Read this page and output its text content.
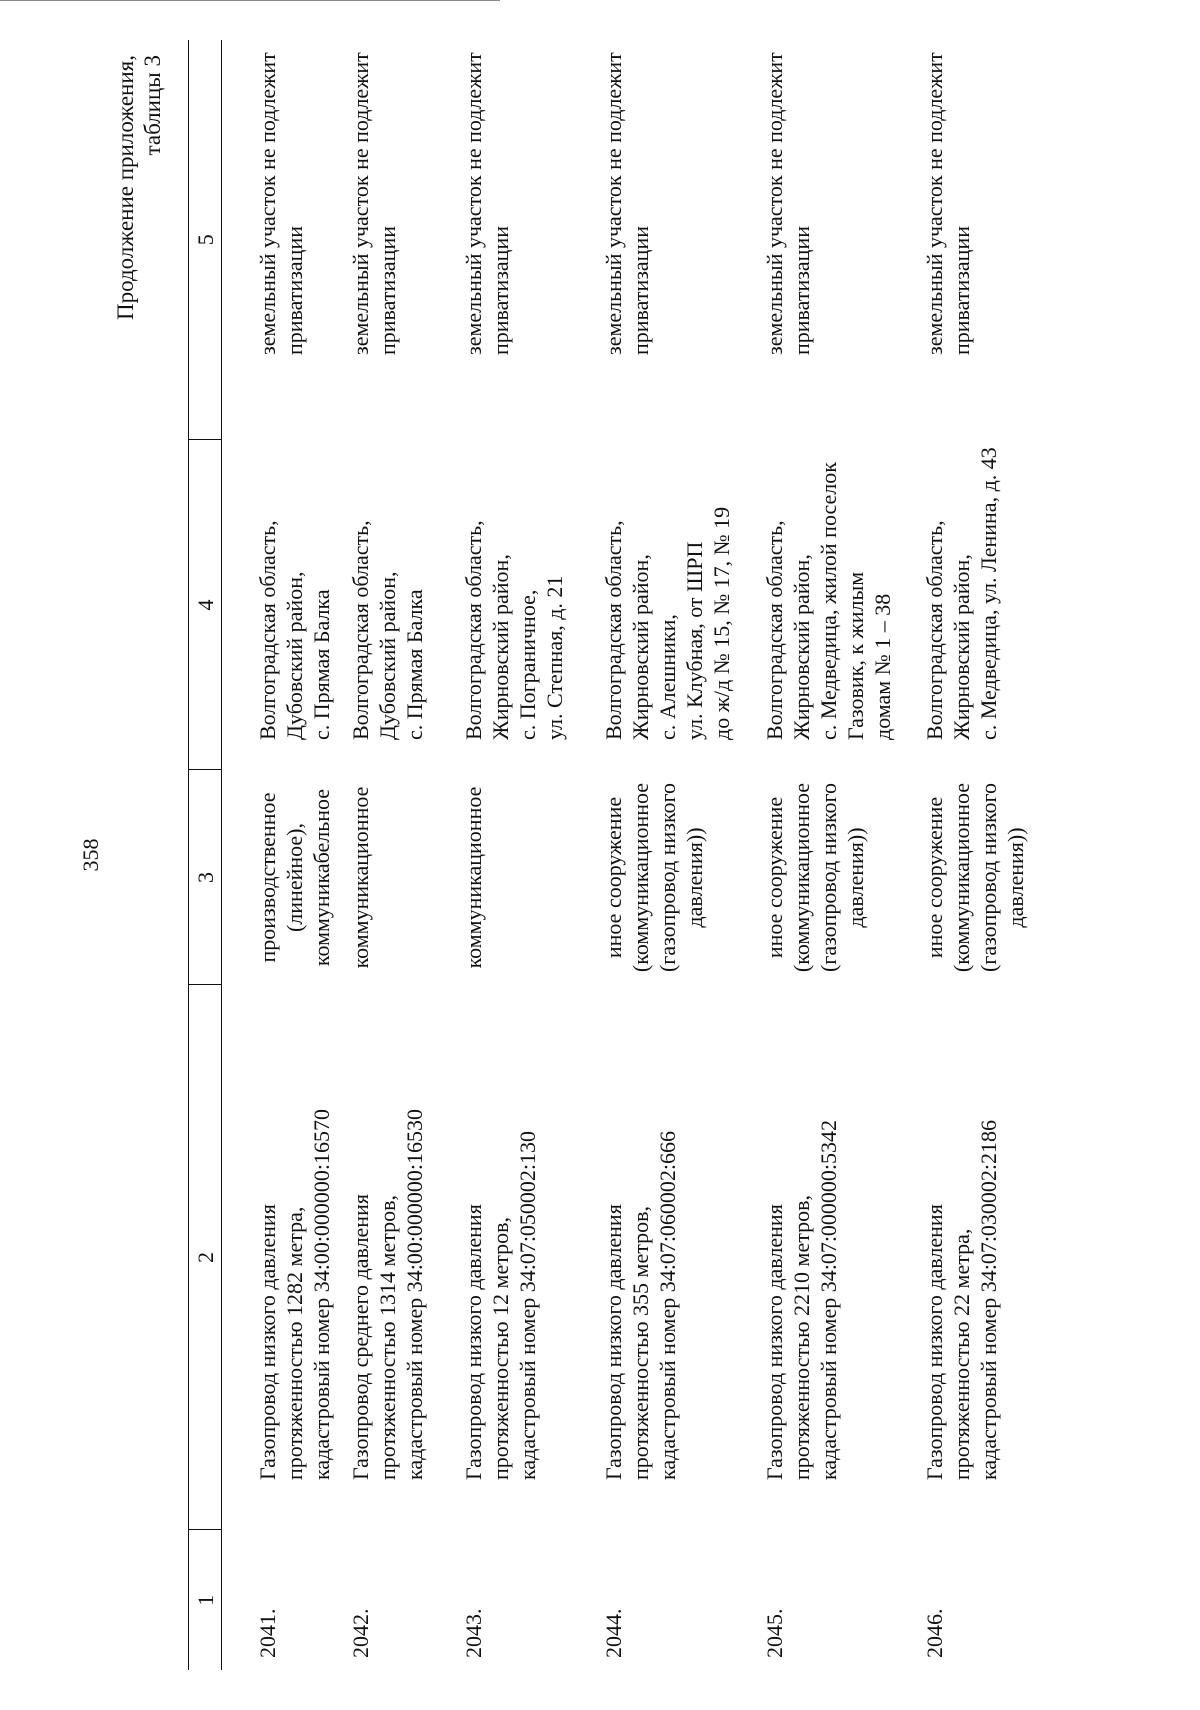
358
Продолжение приложения, таблицы 3
1	2	3	4	5
2041.	Газопровод низкого давления протяженностью 1282 метра, кадастровый номер 34:00:000000:16570	производственное (линейное), коммуникабельное	Волгоградская область, Дубовский район, с. Прямая Балка	земельный участок не подлежит приватизации

2042.	Газопровод среднего давления протяженностью 1314 метров, кадастровый номер 34:00:000000:16530	коммуникационное	Волгоградская область, Дубовский район, с. Прямая Балка	земельный участок не подлежит приватизации

2043.	Газопровод низкого давления протяженностью 12 метров, кадастровый номер 34:07:050002:130	коммуникационное	Волгоградская область, Жирновский район, с. Пограничное, ул. Степная, д. 21	земельный участок не подлежит приватизации

2044.	Газопровод низкого давления протяженностью 355 метров, кадастровый номер 34:07:060002:666	иное сооружение (коммуникационное (газопровод низкого давления))	Волгоградская область, Жирновский район, с. Алешники, ул. Клубная, от ШРП до ж/д № 15, № 17, № 19	земельный участок не подлежит приватизации

2045.	Газопровод низкого давления протяженностью 2210 метров, кадастровый номер 34:07:000000:5342	иное сооружение (коммуникационное (газопровод низкого давления))	Волгоградская область, Жирновский район, с. Медведица, жилой поселок Газовик, к жилым домам № 1 – 38	земельный участок не подлежит приватизации

2046.	Газопровод низкого давления протяженностью 22 метра, кадастровый номер 34:07:030002:2186	иное сооружение (коммуникационное (газопровод низкого давления))	Волгоградская область, Жирновский район, с. Медведица, ул. Ленина, д. 43	земельный участок не подлежит приватизации
